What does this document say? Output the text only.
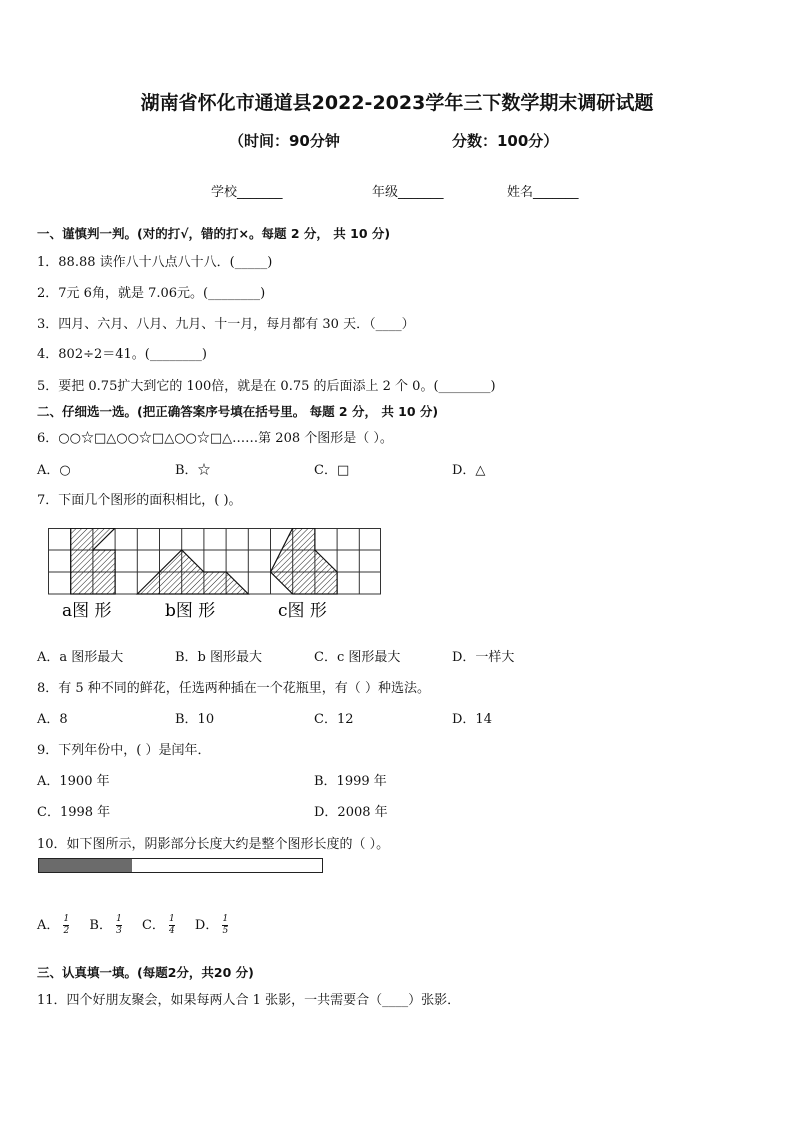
湖南省怀化市通道县2022-2023学年三下数学期末调研试题
（时间：90分钟	分数：100分）
学校_______	年级_______	姓名_______
一、谨慎判一判。(对的打√，错的打×。每题 2 分， 共 10 分)
1．88.88 读作八十八点八十八．(_____)
2．7元 6角，就是 7.06元。(________)
3．四月、六月、八月、九月、十一月，每月都有 30 天．（____）
4．802÷2＝41。(________)
5．要把 0.75扩大到它的 100倍，就是在 0.75 的后面添上 2 个 0。(________)
二、仔细选一选。(把正确答案序号填在括号里。 每题 2 分， 共 10 分)
6．○○☆□△○○☆□△○○☆□△……第 208 个图形是（ ）。
A．○	B．☆	C．□	D．△
7．下面几个图形的面积相比，( )。
a图 形	b图 形	c图 形
A．a 图形最大	B．b 图形最大	C．c 图形最大	D．一样大
8．有 5 种不同的鲜花，任选两种插在一个花瓶里，有（ ）种选法。
A．8	B．10	C．12	D．14
9．下列年份中，( ）是闰年．
A．1900 年	B．1999 年
C．1998 年	D．2008 年
10．如下图所示，阴影部分长度大约是整个图形长度的（ ）。
A． $\frac{1}{2}$ B． $\frac{1}{3}$ C． $\frac{1}{4}$ D． $\frac{1}{5}$
三、认真填一填。(每题2分，共20 分)
11．四个好朋友聚会，如果每两人合 1 张影，一共需要合（____）张影．
